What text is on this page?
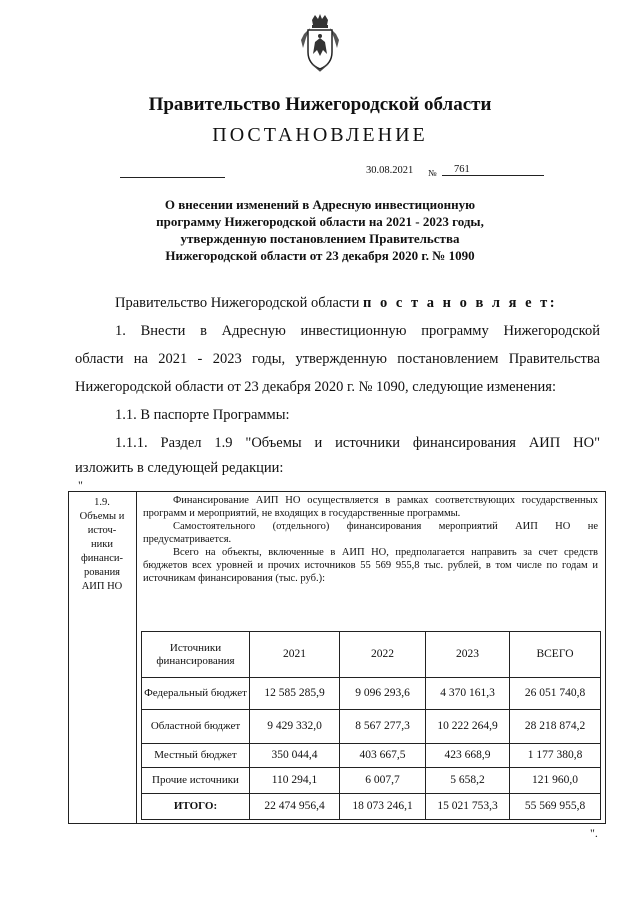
Правительство Нижегородской области
ПОСТАНОВЛЕНИЕ
30.08.2021 №	761
О внесении изменений в Адресную инвестиционную
программу Нижегородской области на 2021 - 2023 годы,
утвержденную постановлением Правительства
Нижегородской области от 23 декабря 2020 г. № 1090
Правительство Нижегородской области п о с т а н о в л я е т:
1. Внести в Адресную инвестиционную программу Нижегородской
области на 2021 - 2023 годы, утвержденную постановлением Правительства
Нижегородской области от 23 декабря 2020 г. № 1090, следующие изменения:
1.1. В паспорте Программы:
1.1.1. Раздел 1.9 "Объемы и источники финансирования АИП НО"
изложить в следующей редакции:
"
1.9.
Объемы и
источ-
ники
финанси-
рования
АИП НО

Финансирование АИП НО осуществляется в рамках соответствующих государственных программ и мероприятий, не входящих в государственные программы.

Самостоятельного (отдельного) финансирования мероприятий АИП НО не предусматривается.

Всего на объекты, включенные в АИП НО, предполагается направить за счет средств бюджетов всех уровней и прочих источников 55 569 955,8 тыс. рублей, в том числе по годам и источникам финансирования (тыс. руб.):

Источники финансирования	2021	2022	2023	ВСЕГО
Федеральный бюджет	12 585 285,9	9 096 293,6	4 370 161,3	26 051 740,8
Областной бюджет	9 429 332,0	8 567 277,3	10 222 264,9	28 218 874,2
Местный бюджет	350 044,4	403 667,5	423 668,9	1 177 380,8
Прочие источники	110 294,1	6 007,7	5 658,2	121 960,0
ИТОГО:	22 474 956,4	18 073 246,1	15 021 753,3	55 569 955,8
".
